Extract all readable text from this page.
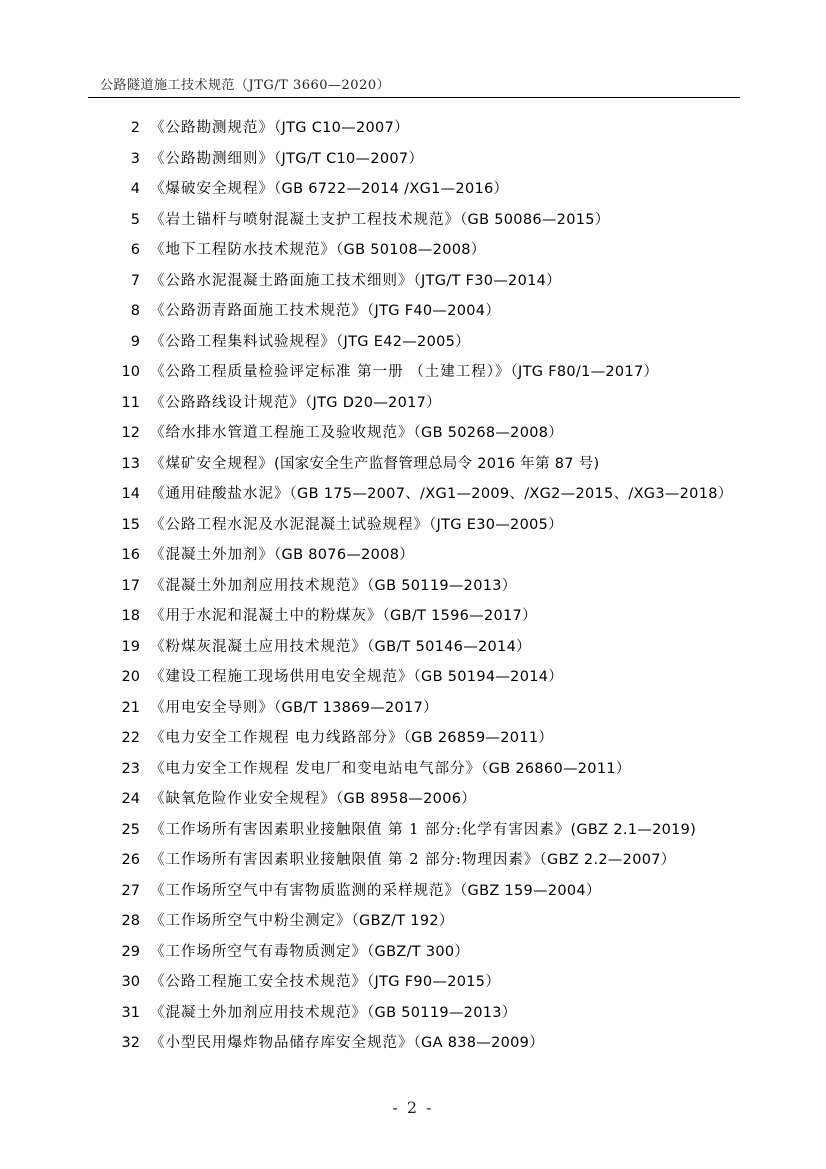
公路隧道施工技术规范（JTG/T 3660—2020）
2 《公路勘测规范》（JTG C10—2007）
3 《公路勘测细则》（JTG/T C10—2007）
4 《爆破安全规程》（GB 6722—2014 /XG1—2016）
5 《岩土锚杆与喷射混凝土支护工程技术规范》（GB 50086—2015）
6 《地下工程防水技术规范》（GB 50108—2008）
7 《公路水泥混凝土路面施工技术细则》（JTG/T F30—2014）
8 《公路沥青路面施工技术规范》（JTG F40—2004）
9 《公路工程集料试验规程》（JTG E42—2005）
10 《公路工程质量检验评定标准 第一册 （土建工程）》（JTG F80/1—2017）
11 《公路路线设计规范》（JTG D20—2017）
12 《给水排水管道工程施工及验收规范》（GB 50268—2008）
13 《煤矿安全规程》(国家安全生产监督管理总局令 2016 年第 87 号)
14 《通用硅酸盐水泥》（GB 175—2007、/XG1—2009、/XG2—2015、/XG3—2018）
15 《公路工程水泥及水泥混凝土试验规程》（JTG E30—2005）
16 《混凝土外加剂》（GB 8076—2008）
17 《混凝土外加剂应用技术规范》（GB 50119—2013）
18 《用于水泥和混凝土中的粉煤灰》（GB/T 1596—2017）
19 《粉煤灰混凝土应用技术规范》（GB/T 50146—2014）
20 《建设工程施工现场供用电安全规范》（GB 50194—2014）
21 《用电安全导则》（GB/T 13869—2017）
22 《电力安全工作规程 电力线路部分》（GB 26859—2011）
23 《电力安全工作规程 发电厂和变电站电气部分》（GB 26860—2011）
24 《缺氧危险作业安全规程》（GB 8958—2006）
25 《工作场所有害因素职业接触限值 第 1 部分:化学有害因素》(GBZ 2.1—2019)
26 《工作场所有害因素职业接触限值 第 2 部分:物理因素》（GBZ 2.2—2007）
27 《工作场所空气中有害物质监测的采样规范》（GBZ 159—2004）
28 《工作场所空气中粉尘测定》（GBZ/T 192）
29 《工作场所空气有毒物质测定》（GBZ/T 300）
30 《公路工程施工安全技术规范》（JTG F90—2015）
31 《混凝土外加剂应用技术规范》（GB 50119—2013）
32 《小型民用爆炸物品储存库安全规范》（GA 838—2009）
- 2 -
